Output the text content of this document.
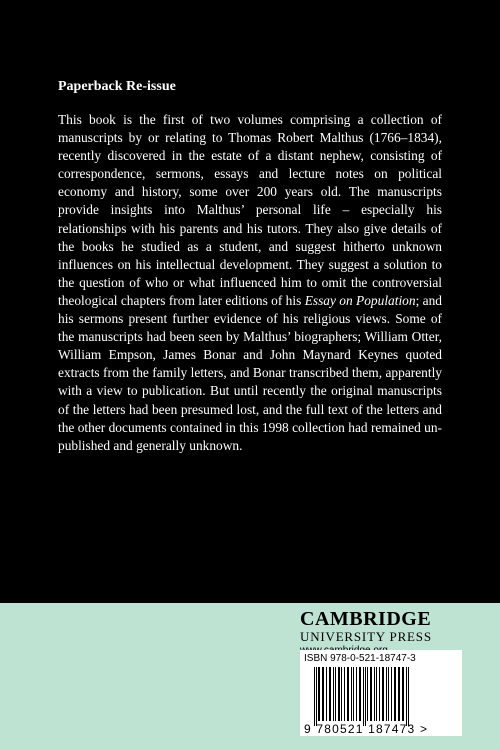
Paperback Re-issue

This book is the first of two volumes comprising a collection of manuscripts by or relating to Thomas Robert Malthus (1766–1834), recently discovered in the estate of a distant nephew, consisting of correspondence, sermons, essays and lecture notes on political economy and history, some over 200 years old. The manuscripts provide insights into Malthus’ personal life – especially his relationships with his parents and his tutors. They also give details of the books he studied as a student, and suggest hitherto unknown influences on his intellectual development. They suggest a solution to the question of who or what influenced him to omit the controversial theological chapters from later editions of his Essay on Population; and his sermons present further evidence of his religious views. Some of the manuscripts had been seen by Malthus’ biographers; William Otter, William Empson, James Bonar and John Maynard Keynes quoted extracts from the family letters, and Bonar transcribed them, apparently with a view to publication. But until recently the original manuscripts of the letters had been presumed lost, and the full text of the letters and the other documents contained in this 1998 collection had remained un-published and generally unknown.

CAMBRIDGE
UNIVERSITY PRESS
ISBN 978-0-521-18747-3
9 780521 187473 >
